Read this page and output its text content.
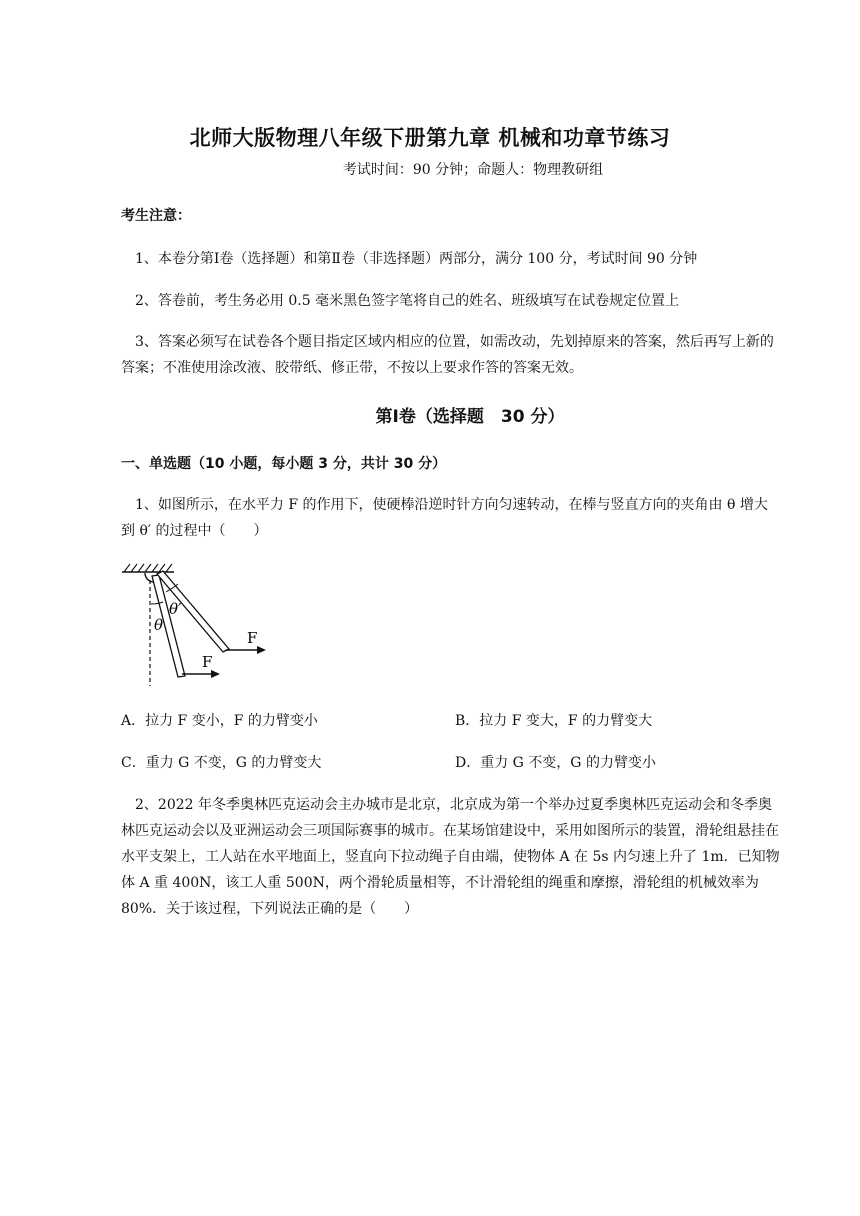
北师大版物理八年级下册第九章 机械和功章节练习
考试时间：90 分钟；命题人：物理教研组
考生注意：
1、本卷分第Ⅰ卷（选择题）和第Ⅱ卷（非选择题）两部分，满分 100 分，考试时间 90 分钟
2、答卷前，考生务必用 0.5 毫米黑色签字笔将自己的姓名、班级填写在试卷规定位置上
3、答案必须写在试卷各个题目指定区域内相应的位置，如需改动，先划掉原来的答案，然后再写上新的答案；不准使用涂改液、胶带纸、修正带，不按以上要求作答的答案无效。
第Ⅰ卷（选择题　30 分）
一、单选题（10 小题，每小题 3 分，共计 30 分）
1、如图所示，在水平力 F 的作用下，使硬棒沿逆时针方向匀速转动，在棒与竖直方向的夹角由 θ 增大到 θ′ 的过程中（　　）
θ
θ′
F
F
A．拉力 F 变小，F 的力臂变小	B．拉力 F 变大，F 的力臂变大
C．重力 G 不变，G 的力臂变大	D．重力 G 不变，G 的力臂变小
2、2022 年冬季奥林匹克运动会主办城市是北京，北京成为第一个举办过夏季奥林匹克运动会和冬季奥林匹克运动会以及亚洲运动会三项国际赛事的城市。在某场馆建设中，采用如图所示的装置，滑轮组悬挂在水平支架上，工人站在水平地面上，竖直向下拉动绳子自由端，使物体 A 在 5s 内匀速上升了 1m．已知物体 A 重 400N，该工人重 500N，两个滑轮质量相等，不计滑轮组的绳重和摩擦，滑轮组的机械效率为 80%．关于该过程，下列说法正确的是（　　）
